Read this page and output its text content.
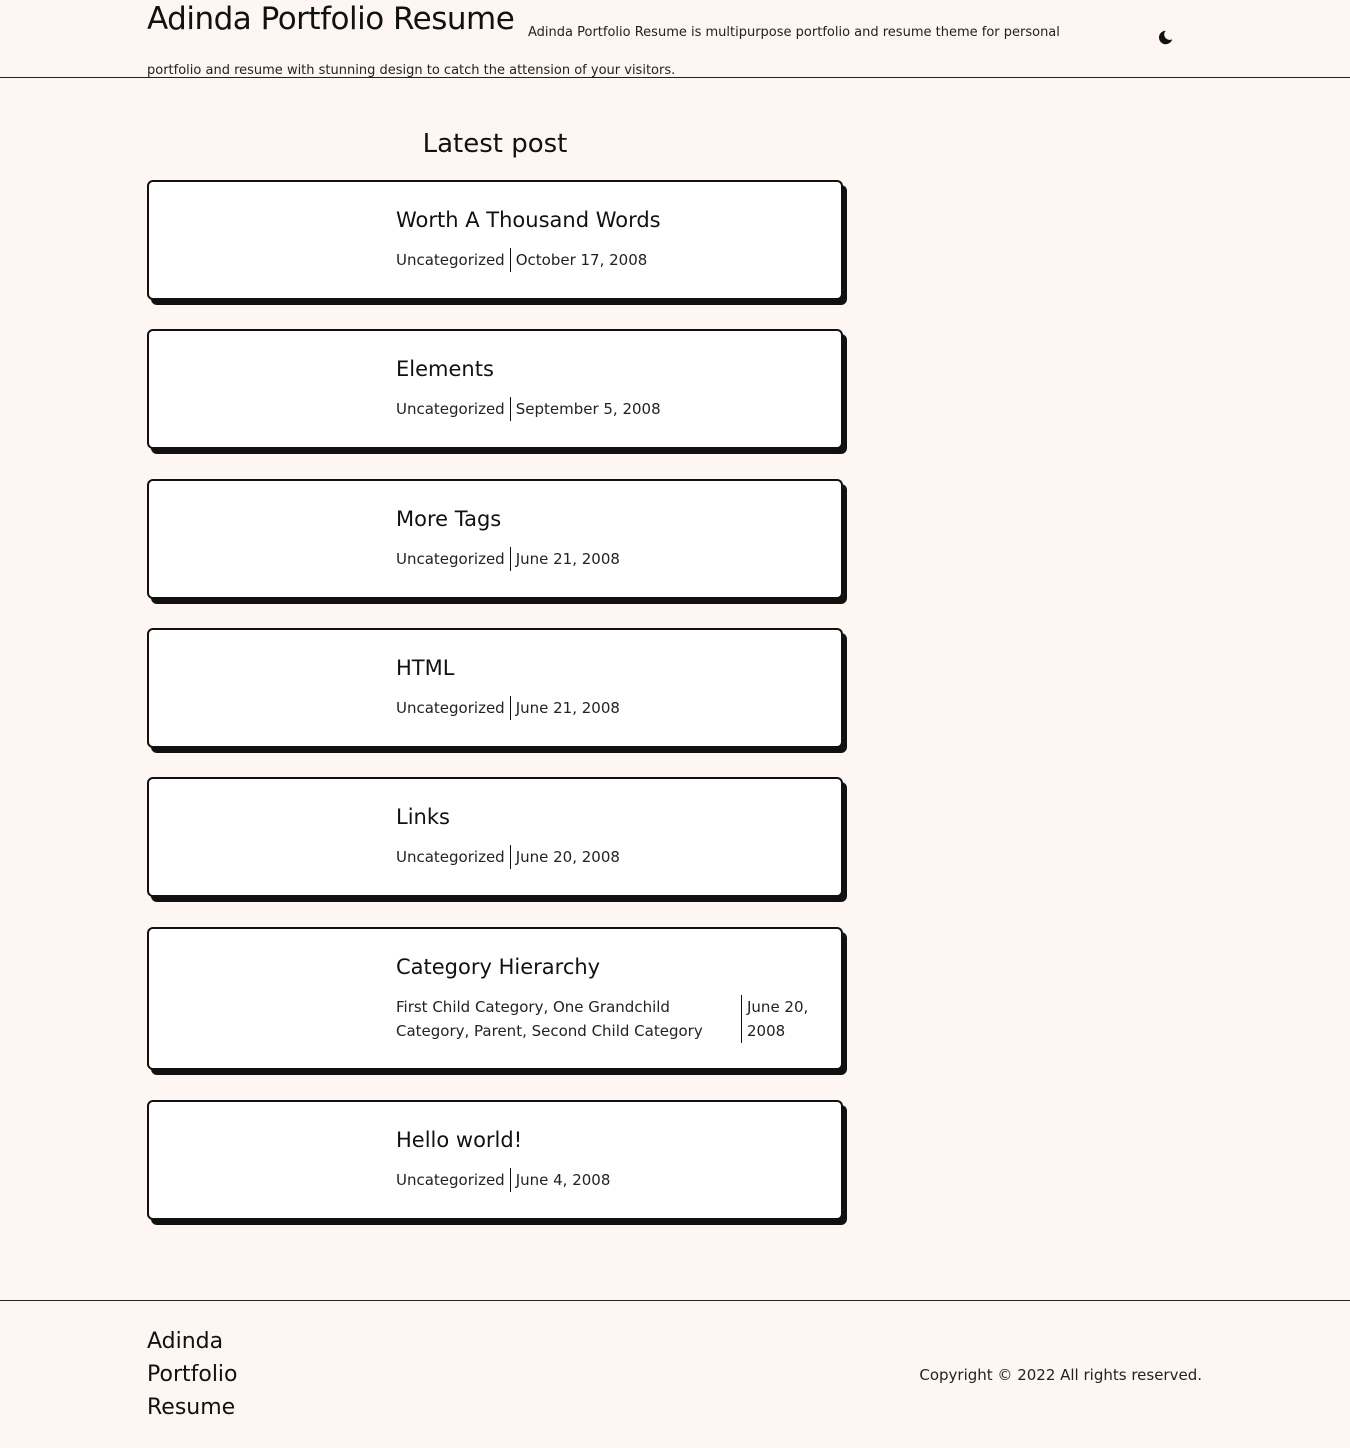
Adinda Portfolio Resume is multipurpose portfolio and resume theme for personal portfolio and resume with stunning design to catch the attension of your visitors.
Adinda Portfolio Resume
Latest post
Worth A Thousand Words
Uncategorized October 17, 2008
Elements
Uncategorized September 5, 2008
More Tags
Uncategorized June 21, 2008
HTML
Uncategorized June 21, 2008
Links
Uncategorized June 20, 2008
Category Hierarchy
First Child Category, One Grandchild Category, Parent, Second Child Category
June 20, 2008
Hello world!
Uncategorized June 4, 2008
Adinda Portfolio Resume
Copyright © 2022 All rights reserved.
